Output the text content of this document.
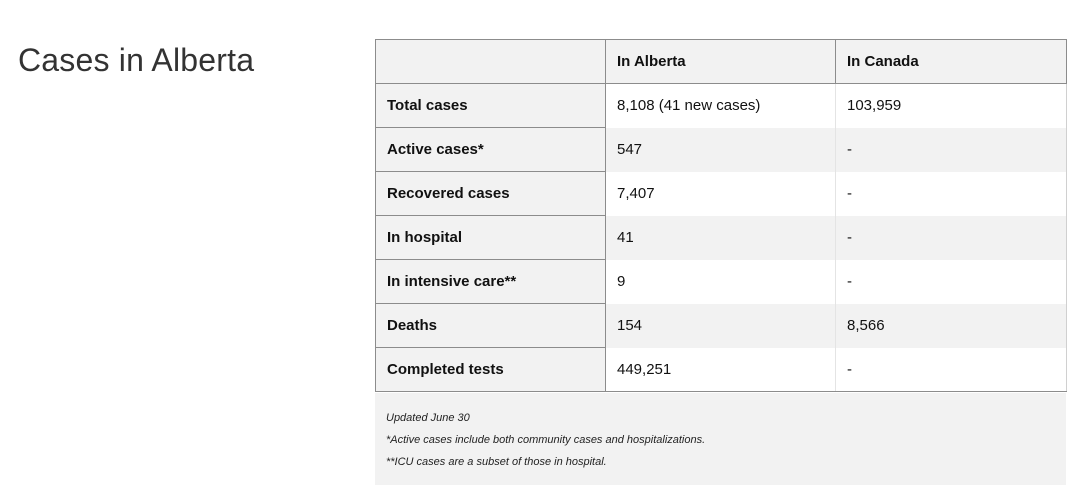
Cases in Alberta
		In Alberta	In Canada
Total cases	8,108 (41 new cases)	103,959
Active cases*	547	-
Recovered cases	7,407	-
In hospital	41	-
In intensive care**	9	-
Deaths	154	8,566
Completed tests	449,251	-

Updated June 30

*Active cases include both community cases and hospitalizations.

**ICU cases are a subset of those in hospital.
